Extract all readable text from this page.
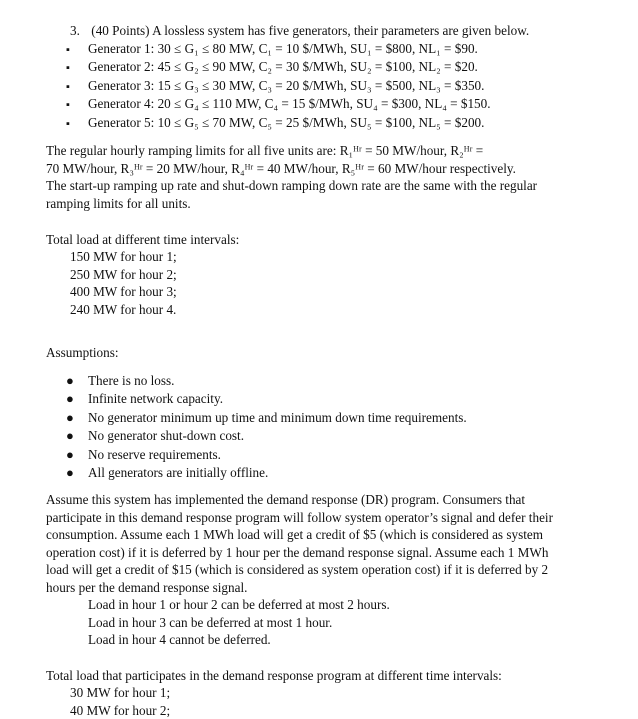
3. (40 Points) A lossless system has five generators, their parameters are given below.
▪ Generator 1: 30 ≤ G₁ ≤ 80 MW, C₁ = 10 $/MWh, SU₁ = $800, NL₁ = $90.
▪ Generator 2: 45 ≤ G₂ ≤ 90 MW, C₂ = 30 $/MWh, SU₂ = $100, NL₂ = $20.
▪ Generator 3: 15 ≤ G₃ ≤ 30 MW, C₃ = 20 $/MWh, SU₃ = $500, NL₃ = $350.
▪ Generator 4: 20 ≤ G₄ ≤ 110 MW, C₄ = 15 $/MWh, SU₄ = $300, NL₄ = $150.
▪ Generator 5: 10 ≤ G₅ ≤ 70 MW, C₅ = 25 $/MWh, SU₅ = $100, NL₅ = $200.
The regular hourly ramping limits for all five units are: R₁ᴴʳ = 50 MW/hour, R₂ᴴʳ =
70 MW/hour, R₃ᴴʳ = 20 MW/hour, R₄ᴴʳ = 40 MW/hour, R₅ᴴʳ = 60 MW/hour respectively.
The start-up ramping up rate and shut-down ramping down rate are the same with the regular
ramping limits for all units.
Total load at different time intervals:
150 MW for hour 1;
250 MW for hour 2;
400 MW for hour 3;
240 MW for hour 4.
Assumptions:
● There is no loss.
● Infinite network capacity.
● No generator minimum up time and minimum down time requirements.
● No generator shut-down cost.
● No reserve requirements.
● All generators are initially offline.
Assume this system has implemented the demand response (DR) program. Consumers that
participate in this demand response program will follow system operator’s signal and defer their
consumption. Assume each 1 MWh load will get a credit of $5 (which is considered as system
operation cost) if it is deferred by 1 hour per the demand response signal. Assume each 1 MWh
load will get a credit of $15 (which is considered as system operation cost) if it is deferred by 2
hours per the demand response signal.
Load in hour 1 or hour 2 can be deferred at most 2 hours.
Load in hour 3 can be deferred at most 1 hour.
Load in hour 4 cannot be deferred.
Total load that participates in the demand response program at different time intervals:
30 MW for hour 1;
40 MW for hour 2;
